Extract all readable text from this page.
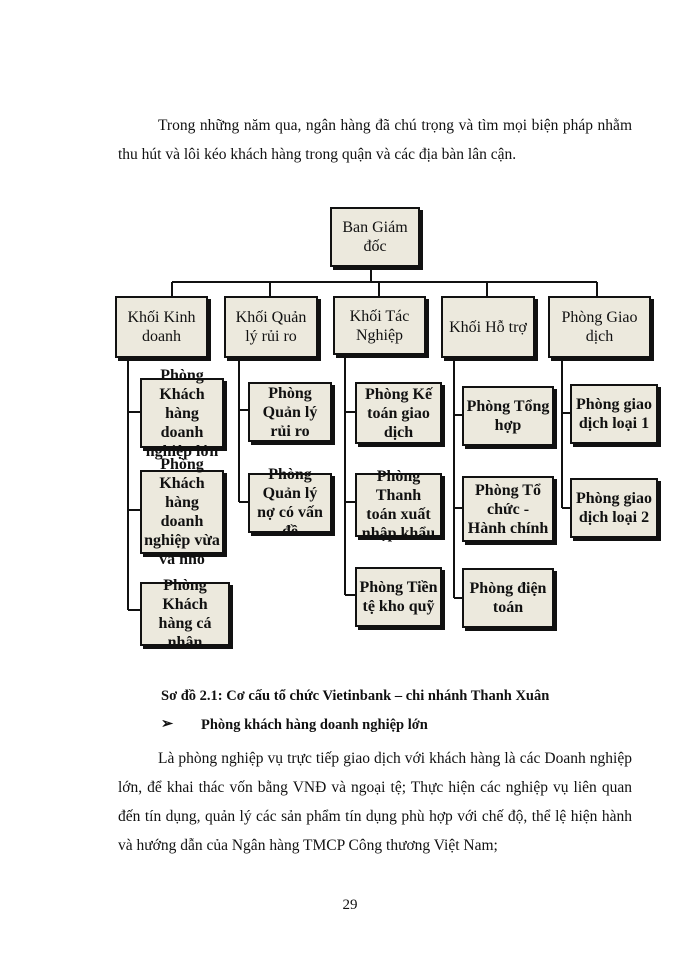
Trong những năm qua, ngân hàng đã chú trọng và tìm mọi biện pháp nhằm thu hút và lôi kéo khách hàng trong quận và các địa bàn lân cận.

Ban Giám đốc
Khối Kinh doanh
Khối Quản lý rủi ro
Khối Tác Nghiệp	Khối Hỗ trợ
Phòng Giao dịch
Phòng Khách hàng doanh nghiệp lớn
Phòng Khách hàng doanh nghiệp vừa và nhỏ
Phòng Khách hàng cá nhân
Phòng Quản lý rủi ro
Phòng Quản lý nợ có vấn đề
Phòng Kế toán giao dịch
Phòng Thanh toán xuất nhập khẩu
Phòng Tiền tệ kho quỹ
Phòng Tổng hợp
Phòng Tổ chức - Hành chính
Phòng điện toán
Phòng giao dịch loại 1
Phòng giao dịch loại 2
Sơ đồ 2.1: Cơ cấu tổ chức Vietinbank – chi nhánh Thanh Xuân
➢ Phòng khách hàng doanh nghiệp lớn

Là phòng nghiệp vụ trực tiếp giao dịch với khách hàng là các Doanh nghiệp lớn, để khai thác vốn bằng VNĐ và ngoại tệ; Thực hiện các nghiệp vụ liên quan đến tín dụng, quản lý các sản phẩm tín dụng phù hợp với chế độ, thể lệ hiện hành và hướng dẫn của Ngân hàng TMCP Công thương Việt Nam;

29
